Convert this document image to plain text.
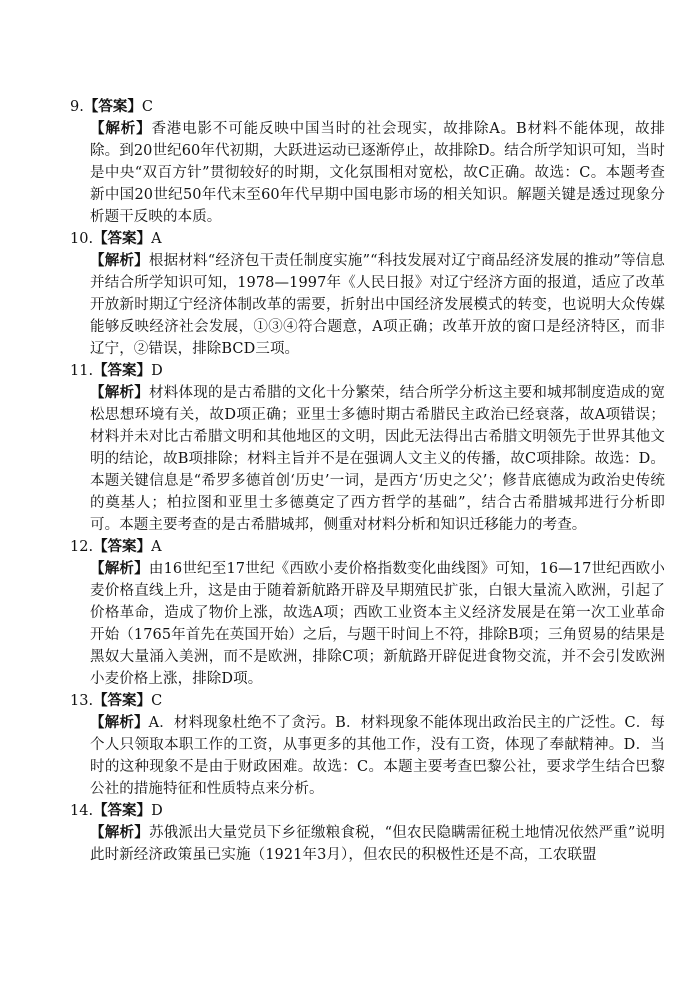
9.【答案】C
【解析】香港电影不可能反映中国当时的社会现实，故排除A。B材料不能体现，故排除。到20世纪60年代初期，大跃进运动已逐渐停止，故排除D。结合所学知识可知，当时是中央“双百方针”贯彻较好的时期，文化氛围相对宽松，故C正确。故选：C。本题考查新中国20世纪50年代末至60年代早期中国电影市场的相关知识。解题关键是透过现象分析题干反映的本质。
10.【答案】A
【解析】根据材料“经济包干责任制度实施”“科技发展对辽宁商品经济发展的推动”等信息并结合所学知识可知，1978—1997年《人民日报》对辽宁经济方面的报道，适应了改革开放新时期辽宁经济体制改革的需要，折射出中国经济发展模式的转变，也说明大众传媒能够反映经济社会发展，①③④符合题意，A项正确；改革开放的窗口是经济特区，而非辽宁，②错误，排除BCD三项。
11.【答案】D
【解析】材料体现的是古希腊的文化十分繁荣，结合所学分析这主要和城邦制度造成的宽松思想环境有关，故D项正确；亚里士多德时期古希腊民主政治已经衰落，故A项错误；材料并未对比古希腊文明和其他地区的文明，因此无法得出古希腊文明领先于世界其他文明的结论，故B项排除；材料主旨并不是在强调人文主义的传播，故C项排除。故选：D。本题关键信息是“希罗多德首创‘历史’一词，是西方‘历史之父’；修昔底德成为政治史传统的奠基人；柏拉图和亚里士多德奠定了西方哲学的基础”，结合古希腊城邦进行分析即可。本题主要考查的是古希腊城邦，侧重对材料分析和知识迁移能力的考查。
12.【答案】A
【解析】由16世纪至17世纪《西欧小麦价格指数变化曲线图》可知，16—17世纪西欧小麦价格直线上升，这是由于随着新航路开辟及早期殖民扩张，白银大量流入欧洲，引起了价格革命，造成了物价上涨，故选A项；西欧工业资本主义经济发展是在第一次工业革命开始（1765年首先在英国开始）之后，与题干时间上不符，排除B项；三角贸易的结果是黑奴大量涌入美洲，而不是欧洲，排除C项；新航路开辟促进食物交流，并不会引发欧洲小麦价格上涨，排除D项。
13.【答案】C
【解析】A．材料现象杜绝不了贪污。B．材料现象不能体现出政治民主的广泛性。C．每个人只领取本职工作的工资，从事更多的其他工作，没有工资，体现了奉献精神。D．当时的这种现象不是由于财政困难。故选：C。本题主要考查巴黎公社，要求学生结合巴黎公社的措施特征和性质特点来分析。
14.【答案】D
【解析】苏俄派出大量党员下乡征缴粮食税，“但农民隐瞒需征税土地情况依然严重”说明此时新经济政策虽已实施（1921年3月），但农民的积极性还是不高，工农联盟
